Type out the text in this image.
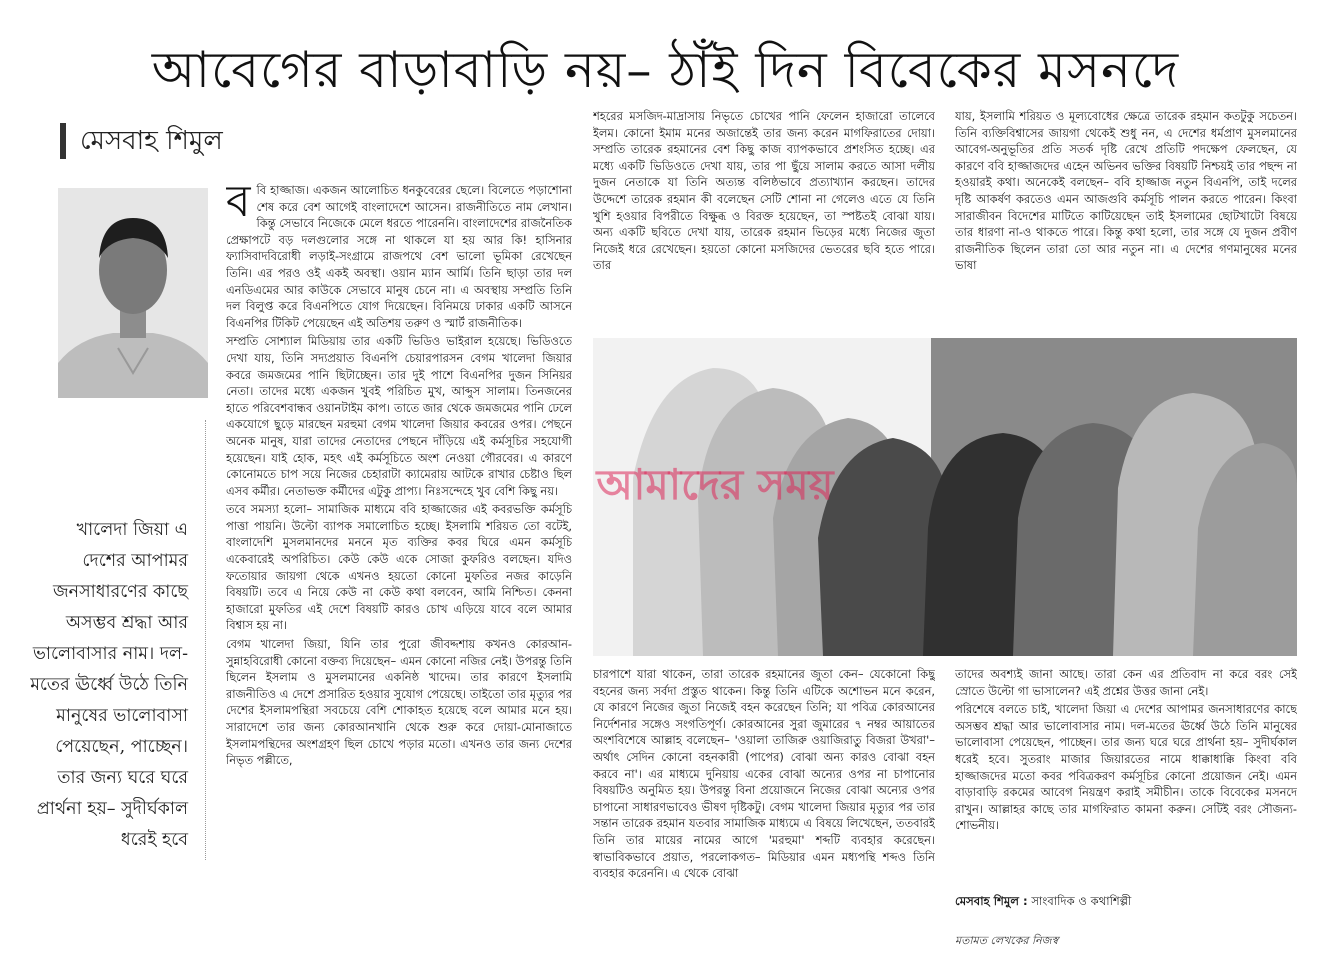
আবেগের বাড়াবাড়ি নয়– ঠাঁই দিন বিবেকের মসনদে
মেসবাহ শিমুল
খালেদা জিয়া এ দেশের আপামর জনসাধারণের কাছে অসম্ভব শ্রদ্ধা আর ভালোবাসার নাম। দল-মতের ঊর্ধ্বে উঠে তিনি মানুষের ভালোবাসা পেয়েছেন, পাচ্ছেন। তার জন্য ঘরে ঘরে প্রার্থনা হয়– সুদীর্ঘকাল ধরেই হবে

ববি হাজ্জাজ। একজন আলোচিত ধনকুবেরের ছেলে। বিলেতে পড়াশোনা শেষ করে বেশ আগেই বাংলাদেশে আসেন। রাজনীতিতে নাম লেখান। কিন্তু সেভাবে নিজেকে মেলে ধরতে পারেননি। বাংলাদেশের রাজনৈতিক প্রেক্ষাপটে বড় দলগুলোর সঙ্গে না থাকলে যা হয় আর কি! হাসিনার ফ্যাসিবাদবিরোধী লড়াই-সংগ্রামে রাজপথে বেশ ভালো ভূমিকা রেখেছেন তিনি। এর পরও ওই একই অবস্থা। ওয়ান ম্যান আর্মি। তিনি ছাড়া তার দল এনডিএমের আর কাউকে সেভাবে মানুষ চেনে না। এ অবস্থায় সম্প্রতি তিনি দল বিলুপ্ত করে বিএনপিতে যোগ দিয়েছেন। বিনিময়ে ঢাকার একটি আসনে বিএনপির টিকিট পেয়েছেন এই অতিশয় তরুণ ও স্মার্ট রাজনীতিক।

সম্প্রতি সোশ্যাল মিডিয়ায় তার একটি ভিডিও ভাইরাল হয়েছে। ভিডিওতে দেখা যায়, তিনি সদ্যপ্রয়াত বিএনপি চেয়ারপারসন বেগম খালেদা জিয়ার কবরে জমজমের পানি ছিটাচ্ছেন। তার দুই পাশে বিএনপির দুজন সিনিয়র নেতা। তাদের মধ্যে একজন খুবই পরিচিত মুখ, আব্দুস সালাম। তিনজনের হাতে পরিবেশবান্ধব ওয়ানটাইম কাপ। তাতে জার থেকে জমজমের পানি ঢেলে একযোগে ছুড়ে মারছেন মরহুমা বেগম খালেদা জিয়ার কবরের ওপর। পেছনে অনেক মানুষ, যারা তাদের নেতাদের পেছনে দাঁড়িয়ে এই কর্মসূচির সহযোগী হয়েছেন। যাই হোক, মহৎ এই কর্মসূচিতে অংশ নেওয়া গৌরবের। এ কারণে কোনোমতে চাপ সয়ে নিজের চেহারাটা ক্যামেরায় আটকে রাখার চেষ্টাও ছিল এসব কর্মীর। নেতাভক্ত কর্মীদের এটুকু প্রাপ্য। নিঃসন্দেহে খুব বেশি কিছু নয়।

তবে সমস্যা হলো– সামাজিক মাধ্যমে ববি হাজ্জাজের এই কবরভক্তি কর্মসূচি পাত্তা পায়নি। উল্টো ব্যাপক সমালোচিত হচ্ছে। ইসলামি শরিয়ত তো বটেই, বাংলাদেশি মুসলমানদের মননে মৃত ব্যক্তির কবর ঘিরে এমন কর্মসূচি একেবারেই অপরিচিত। কেউ কেউ একে সোজা কুফরিও বলছেন। যদিও ফতোয়ার জায়গা থেকে এখনও হয়তো কোনো মুফতির নজর কাড়েনি বিষয়টি। তবে এ নিয়ে কেউ না কেউ কথা বলবেন, আমি নিশ্চিত। কেননা হাজারো মুফতির এই দেশে বিষয়টি কারও চোখ এড়িয়ে যাবে বলে আমার বিশ্বাস হয় না।

বেগম খালেদা জিয়া, যিনি তার পুরো জীবদ্দশায় কখনও কোরআন-সুন্নাহবিরোধী কোনো বক্তব্য দিয়েছেন– এমন কোনো নজির নেই। উপরন্তু তিনি ছিলেন ইসলাম ও মুসলমানের একনিষ্ঠ খাদেম। তার কারণে ইসলামি রাজনীতিও এ দেশে প্রসারিত হওয়ার সুযোগ পেয়েছে। তাইতো তার মৃত্যুর পর দেশের ইসলামপন্থিরা সবচেয়ে বেশি শোকাহত হয়েছে বলে আমার মনে হয়। সারাদেশে তার জন্য কোরআনখানি থেকে শুরু করে দোয়া-মোনাজাতে ইসলামপন্থিদের অংশগ্রহণ ছিল চোখে পড়ার মতো। এখনও তার জন্য দেশের নিভৃত পল্লীতে,

শহরের মসজিদ-মাদ্রাসায় নিভৃতে চোখের পানি ফেলেন হাজারো তালেবে ইলম। কোনো ইমাম মনের অজান্তেই তার জন্য করেন মাগফিরাতের দোয়া। সম্প্রতি তারেক রহমানের বেশ কিছু কাজ ব্যাপকভাবে প্রশংসিত হচ্ছে। এর মধ্যে একটি ভিডিওতে দেখা যায়, তার পা ছুঁয়ে সালাম করতে আসা দলীয় দুজন নেতাকে যা তিনি অত্যন্ত বলিষ্ঠভাবে প্রত্যাখ্যান করছেন। তাদের উদ্দেশে তারেক রহমান কী বলেছেন সেটি শোনা না গেলেও এতে যে তিনি খুশি হওয়ার বিপরীতে বিক্ষুব্ধ ও বিরক্ত হয়েছেন, তা স্পষ্টতই বোঝা যায়। অন্য একটি ছবিতে দেখা যায়, তারেক রহমান ভিড়ের মধ্যে নিজের জুতা নিজেই ধরে রেখেছেন। হয়তো কোনো মসজিদের ভেতরের ছবি হতে পারে। তার
যায়, ইসলামি শরিয়ত ও মূল্যবোধের ক্ষেত্রে তারেক রহমান কতটুকু সচেতন। তিনি ব্যক্তিবিশ্বাসের জায়গা থেকেই শুধু নন, এ দেশের ধর্মপ্রাণ মুসলমানের আবেগ-অনুভূতির প্রতি সতর্ক দৃষ্টি রেখে প্রতিটি পদক্ষেপ ফেলছেন, যে কারণে ববি হাজ্জাজদের এহেন অভিনব ভক্তির বিষয়টি নিশ্চয়ই তার পছন্দ না হওয়ারই কথা। অনেকেই বলছেন– ববি হাজ্জাজ নতুন বিএনপি, তাই দলের দৃষ্টি আকর্ষণ করতেও এমন আজগুবি কর্মসূচি পালন করতে পারেন। কিংবা সারাজীবন বিদেশের মাটিতে কাটিয়েছেন তাই ইসলামের ছোটখাটো বিষয়ে তার ধারণা না-ও থাকতে পারে। কিন্তু কথা হলো, তার সঙ্গে যে দুজন প্রবীণ রাজনীতিক ছিলেন তারা তো আর নতুন না। এ দেশের গণমানুষের মনের ভাষা
আমাদের সময়
চারপাশে যারা থাকেন, তারা তারেক রহমানের জুতা কেন– যেকোনো কিছু বহনের জন্য সর্বদা প্রস্তুত থাকেন। কিন্তু তিনি এটিকে অশোভন মনে করেন, যে কারণে নিজের জুতা নিজেই বহন করেছেন তিনি; যা পবিত্র কোরআনের নির্দেশনার সঙ্গেও সংগতিপূর্ণ। কোরআনের সুরা জুমারের ৭ নম্বর আয়াতের অংশবিশেষে আল্লাহ বলেছেন– 'ওয়ালা তাজিরু ওয়াজিরাতুু বিজরা উখরা'– অর্থাৎ সেদিন কোনো বহনকারী (পাপের) বোঝা অন্য কারও বোঝা বহন করবে না'। এর মাধ্যমে দুনিয়ায় একের বোঝা অন্যের ওপর না চাপানোর বিষয়টিও অনুমিত হয়। উপরন্তু বিনা প্রয়োজনে নিজের বোঝা অন্যের ওপর চাপানো সাধারণভাবেও ভীষণ দৃষ্টিকটু। বেগম খালেদা জিয়ার মৃত্যুর পর তার সন্তান তারেক রহমান যতবার সামাজিক মাধ্যমে এ বিষয়ে লিখেছেন, ততবারই তিনি তার মায়ের নামের আগে 'মরহুমা' শব্দটি ব্যবহার করেছেন। স্বাভাবিকভাবে প্রয়াত, পরলোকগত– মিডিয়ার এমন মধ্যপন্থি শব্দও তিনি ব্যবহার করেননি। এ থেকে বোঝা

তাদের অবশ্যই জানা আছে। তারা কেন এর প্রতিবাদ না করে বরং সেই স্রোতে উল্টো গা ভাসালেন? এই প্রশ্নের উত্তর জানা নেই।

পরিশেষে বলতে চাই, খালেদা জিয়া এ দেশের আপামর জনসাধারণের কাছে অসম্ভব শ্রদ্ধা আর ভালোবাসার নাম। দল-মতের ঊর্ধ্বে উঠে তিনি মানুষের ভালোবাসা পেয়েছেন, পাচ্ছেন। তার জন্য ঘরে ঘরে প্রার্থনা হয়– সুদীর্ঘকাল ধরেই হবে। সুতরাং মাজার জিয়ারতের নামে ধাক্কাধাক্কি কিংবা ববি হাজ্জাজদের মতো কবর পবিত্রকরণ কর্মসূচির কোনো প্রয়োজন নেই। এমন বাড়াবাড়ি রকমের আবেগ নিয়ন্ত্রণ করাই সমীচীন। তাকে বিবেকের মসনদে রাখুন। আল্লাহর কাছে তার মাগফিরাত কামনা করুন। সেটিই বরং সৌজন্য-শোভনীয়।

মেসবাহ শিমুল : সাংবাদিক ও কথাশিল্পী
মতামত লেখকের নিজস্ব
